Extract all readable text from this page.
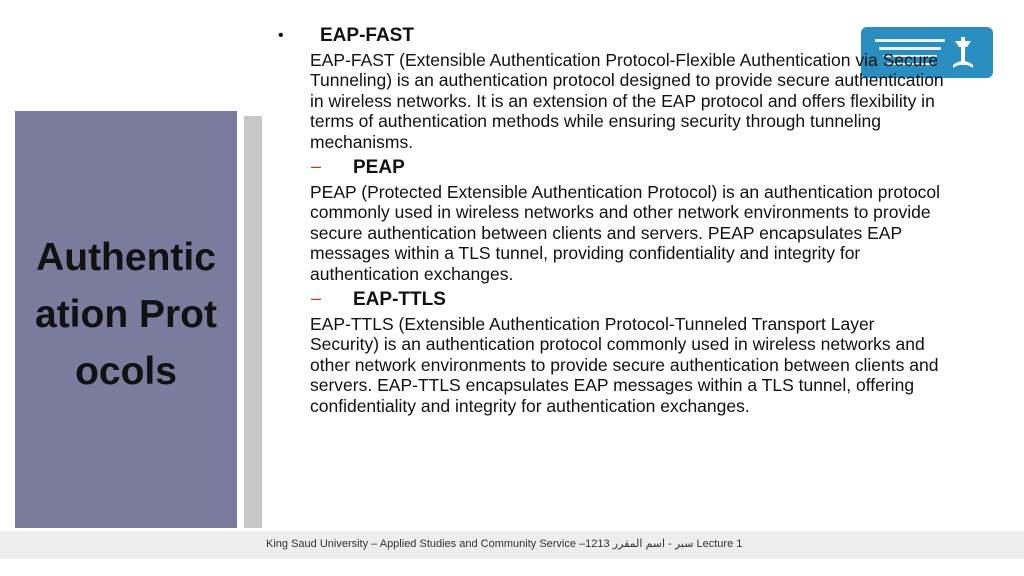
Authentication Protocols
•	EAP-FAST
EAP-FAST (Extensible Authentication Protocol-Flexible Authentication via Secure Tunneling) is an authentication protocol designed to provide secure authentication in wireless networks. It is an extension of the EAP protocol and offers flexibility in terms of authentication methods while ensuring security through tunneling mechanisms.
–	PEAP
PEAP (Protected Extensible Authentication Protocol) is an authentication protocol commonly used in wireless networks and other network environments to provide secure authentication between clients and servers. PEAP encapsulates EAP messages within a TLS tunnel, providing confidentiality and integrity for authentication exchanges.
–	EAP-TTLS
EAP-TTLS (Extensible Authentication Protocol-Tunneled Transport Layer Security) is an authentication protocol commonly used in wireless networks and other network environments to provide secure authentication between clients and servers. EAP-TTLS encapsulates EAP messages within a TLS tunnel, offering confidentiality and integrity for authentication exchanges.
King Saud University – Applied Studies and Community Service –1213 سبر - اسم المقرر Lecture 1
